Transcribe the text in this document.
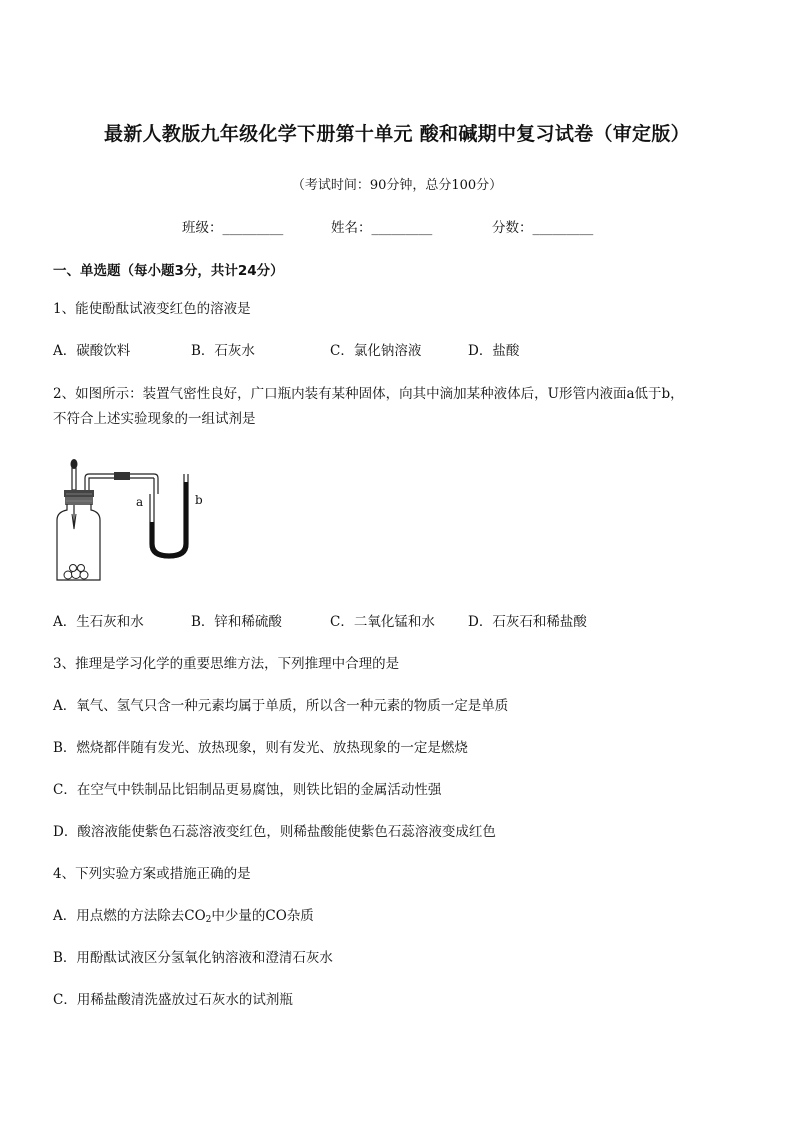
最新人教版九年级化学下册第十单元 酸和碱期中复习试卷（审定版）
（考试时间：90分钟，总分100分）
班级：_________	姓名：_________	分数：_________
一、单选题（每小题3分，共计24分）
1、能使酚酞试液变红色的溶液是
A．碳酸饮料	B．石灰水	C．氯化钠溶液	D．盐酸
2、如图所示：装置气密性良好，广口瓶内装有某种固体，向其中滴加某种液体后，U形管内液面a低于b，
不符合上述实验现象的一组试剂是
a	b
A．生石灰和水	B．锌和稀硫酸	C．二氧化锰和水 D．石灰石和稀盐酸
3、推理是学习化学的重要思维方法，下列推理中合理的是
A．氧气、氢气只含一种元素均属于单质，所以含一种元素的物质一定是单质
B．燃烧都伴随有发光、放热现象，则有发光、放热现象的一定是燃烧
C．在空气中铁制品比铝制品更易腐蚀，则铁比铝的金属活动性强
D．酸溶液能使紫色石蕊溶液变红色，则稀盐酸能使紫色石蕊溶液变成红色
4、下列实验方案或措施正确的是
A．用点燃的方法除去$CO_2$中少量的CO杂质
B．用酚酞试液区分氢氧化钠溶液和澄清石灰水
C．用稀盐酸清洗盛放过石灰水的试剂瓶
